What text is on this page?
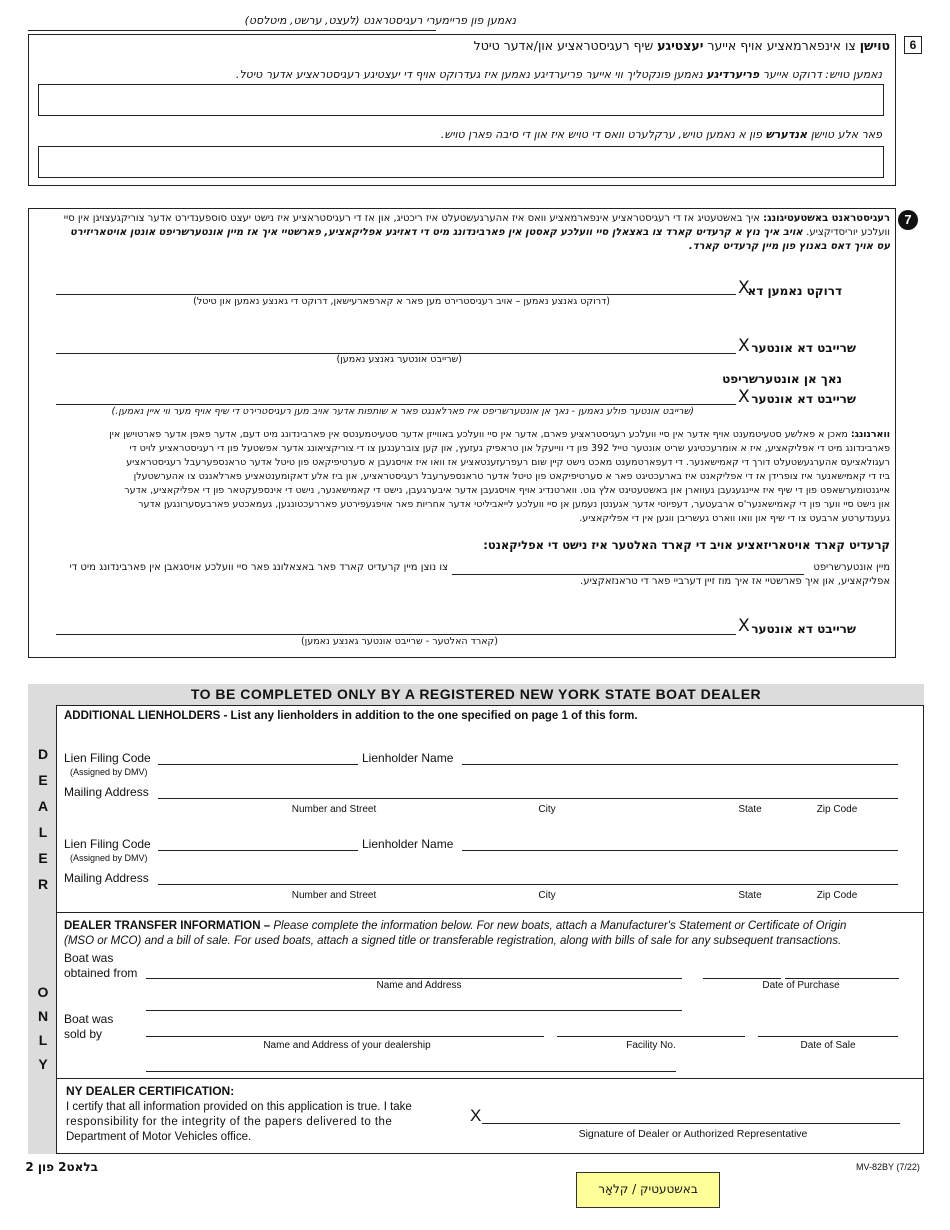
נאמען פון פריימערי רעגיסטראנט (לעצט, ערשט, מיטלסט)
6
טוישן צו אינפארמאציע אויף אייער יעצטיגע שיף רעגיסטראציע און/אדער טיטל
נאמען טויש: דרוקט אייער פריערדיגע נאמען פונקטליך ווי אייער פריערדיגע נאמען איז געדרוקט אויף די יעצטיגע רעגיסטראציע אדער טיטל.
פאר אלע טוישן אנדערש פון א נאמען טויש, ערקלערט וואס די טויש איז און די סיבה פארן טויש.
7
רעגיסטראנט באשטעטיגונג: איך באשטעטיג אז די רעגיסטראציע אינפארמאציע וואס איז אהערגעשטעלט איז ריכטיג, און אז די רעגיסטראציע איז נישט יעצט סוספענדירט אדער צוריקגעצויגן אין סיי וועלכע יוריסדיקציע. אויב איך נוץ א קרעדיט קארד צו באצאלן סיי וועלכע קאסטן אין פארבינדונג מיט די דאזיגע אפליקאציע, פארשטיי איך אז מיין אונטערשריפט אונטן אויטאריזירט עס אויך דאס באנוץ פון מיין קרעדיט קארד.
X
דרוקט נאמען דא
(דרוקט גאנצע נאמען – אויב רעגיסטרירט מען פאר א קארפארעישאן, דרוקט די גאנצע נאמען און טיטל)
X שרייבט דא אונטער
(שרייבט אונטער גאנצע נאמען)
נאך אן אונטערשריפט
X שרייבט דא אונטער
(שרייבט אונטער פולע נאמען - נאך אן אונטערשריפט איז פארלאנגט פאר א שותפות אדער אויב מען רעגיסטרירט די שיף אויף מער ווי איין נאמען.)
ווארנונג: מאכן א פאלשע סטעיטמענט אויף אדער אין סיי וועלכע רעגיסטראציע פארם, אדער אין סיי וועלכע באווייזן אדער סטעיטמענטס אין פארבינדונג מיט דעם, אדער פאפן אדער פארטוישן אין
פארבינדונג מיט די אפליקאציע, איז א אומרעכטיגע שריט אונטער טייל 392 פון די ווייעקל און טראפיק געזעץ, און קען צוברענגען צו די צוריקציאונג אדער אפשטעל פון די רעגיסטראציע לויט די
רעגולאציעס אהערגעשטעלט דורך די קאמישאנער. די דעפארטמענט מאכט נישט קיין שום רעפרעזענטאציע אז וואו איז אויסגעבן א סערטיפיקאט פון טיטל אדער טראנספערעבל רעגיסטראציע
ביז די קאמישאנער איז צופרידן אז די אפליקאנט איז בארעכטיגט פאר א סערטיפיקאט פון טיטל אדער טראנספערעבל רעגיסטראציע, און ביז אלע דאקומענטאציע פארלאנגט צו אהערשטעלן
אייגנטומערשאפט פון די שיף איז איינגעגעבן געווארן און באשטעטיגט אלץ גוט. ווארטנדיג אויף אויסגעבן אדער איבערגעבן, נישט די קאמישאנער, נישט די אינספעקטאר פון די אפליקאציע, אדער
און נישט סיי ווער פון די קאמישאנער'ס ארבעטער, דעפיוטי אדער אגענטן נעמען אן סיי וועלכע לייאביליטי אדער אחריות פאר אויפגעפירטע פאררעכטונגען, געמאכטע פארבעסערונגען אדער
געענדערטע ארבעט צו די שיף און וואו ווארט געשריבן ווגען אין די אפליקאציע.
קרעדיט קארד אויטאריזאציע אויב די קארד האלטער איז נישט די אפליקאנט:
מיין אונטערשריפט
צו נוצן מיין קרעדיט קארד פאר באצאלונג פאר סיי וועלכע אויסגאבן אין פארבינדונג מיט די
אפליקאציע, און איך פארשטיי אז איך מוז זיין דערביי פאר די טראנזאקציע.
X שרייבט דא אונטער
(קארד האלטער - שרייבט אונטער גאנצע נאמען)
TO BE COMPLETED ONLY BY A REGISTERED NEW YORK STATE BOAT DEALER
D
E
A
L
E
R
O
N
L
Y
ADDITIONAL LIENHOLDERS - List any lienholders in addition to the one specified on page 1 of this form.
Lien Filing Code
(Assigned by DMV)
Lienholder Name
Mailing Address
Number and Street	City	State	Zip Code
Lien Filing Code
(Assigned by DMV)
Lienholder Name
Mailing Address
Number and Street	City	State	Zip Code
DEALER TRANSFER INFORMATION – Please complete the information below. For new boats, attach a Manufacturer's Statement or Certificate of Origin
(MSO or MCO) and a bill of sale. For used boats, attach a signed title or transferable registration, along with bills of sale for any subsequent transactions.
Boat was
obtained from
Name and Address	Date of Purchase
Boat was
sold by
Name and Address of your dealership	Facility No.	Date of Sale
NY DEALER CERTIFICATION:
I certify that all information provided on this application is true. I take
responsibility for the integrity of the papers delivered to the
Department of Motor Vehicles office.
X
Signature of Dealer or Authorized Representative
בלאט2 פון 2	MV-82BY (7/22)
באשטעטיק / קלאָר
